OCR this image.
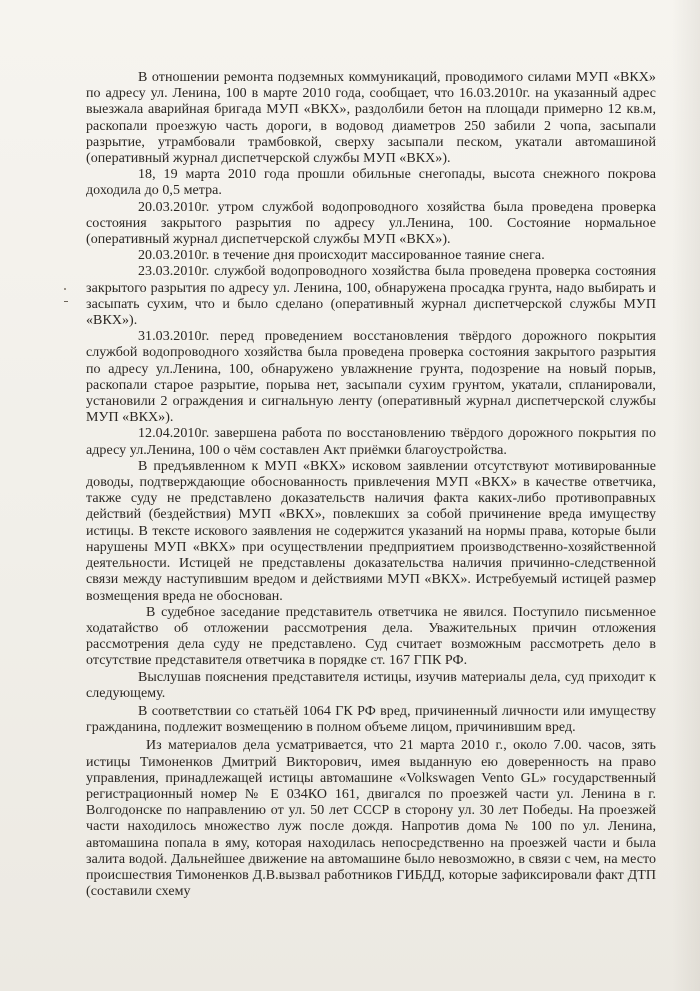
В отношении ремонта подземных коммуникаций, проводимого силами МУП «ВКХ» по адресу ул. Ленина, 100 в марте 2010 года, сообщает, что 16.03.2010г. на указанный адрес выезжала аварийная бригада МУП «ВКХ», раздолбили бетон на площади примерно 12 кв.м, раскопали проезжую часть дороги, в водовод диаметров 250 забили 2 чопа, засыпали разрытие, утрамбовали трамбовкой, сверху засыпали песком, укатали автомашиной (оперативный журнал диспетчерской службы МУП «ВКХ»).

18, 19 марта 2010 года прошли обильные снегопады, высота снежного покрова доходила до 0,5 метра.

20.03.2010г. утром службой водопроводного хозяйства была проведена проверка состояния закрытого разрытия по адресу ул.Ленина, 100. Состояние нормальное (оперативный журнал диспетчерской службы МУП «ВКХ»).

20.03.2010г. в течение дня происходит массированное таяние снега.

23.03.2010г. службой водопроводного хозяйства была проведена проверка состояния закрытого разрытия по адресу ул. Ленина, 100, обнаружена просадка грунта, надо выбирать и засыпать сухим, что и было сделано (оперативный журнал диспетчерской службы МУП «ВКХ»).

31.03.2010г. перед проведением восстановления твёрдого дорожного покрытия службой водопроводного хозяйства была проведена проверка состояния закрытого разрытия по адресу ул.Ленина, 100, обнаружено увлажнение грунта, подозрение на новый порыв, раскопали старое разрытие, порыва нет, засыпали сухим грунтом, укатали, спланировали, установили 2 ограждения и сигнальную ленту (оперативный журнал диспетчерской службы МУП «ВКХ»).

12.04.2010г. завершена работа по восстановлению твёрдого дорожного покрытия по адресу ул.Ленина, 100 о чём составлен Акт приёмки благоустройства.

В предъявленном к МУП «ВКХ» исковом заявлении отсутствуют мотивированные доводы, подтверждающие обоснованность привлечения МУП «ВКХ» в качестве ответчика, также суду не представлено доказательств наличия факта каких-либо противоправных действий (бездействия) МУП «ВКХ», повлекших за собой причинение вреда имуществу истицы. В тексте искового заявления не содержится указаний на нормы права, которые были нарушены МУП «ВКХ» при осуществлении предприятием производственно-хозяйственной деятельности. Истицей не представлены доказательства наличия причинно-следственной связи между наступившим вредом и действиями МУП «ВКХ». Истребуемый истицей размер возмещения вреда не обоснован.

В судебное заседание представитель ответчика не явился. Поступило письменное ходатайство об отложении рассмотрения дела. Уважительных причин отложения рассмотрения дела суду не представлено. Суд считает возможным рассмотреть дело в отсутствие представителя ответчика в порядке ст. 167 ГПК РФ.

Выслушав пояснения представителя истицы, изучив материалы дела, суд приходит к следующему.

В соответствии со статьёй 1064 ГК РФ вред, причиненный личности или имуществу гражданина, подлежит возмещению в полном объеме лицом, причинившим вред.

Из материалов дела усматривается, что 21 марта 2010 г., около 7.00. часов, зять истицы Тимоненков Дмитрий Викторович, имея выданную ею доверенность на право управления, принадлежащей истицы автомашине «Volkswagen Vento GL» государственный регистрационный номер № Е 034КО 161, двигался по проезжей части ул. Ленина в г. Волгодонске по направлению от ул. 50 лет СССР в сторону ул. 30 лет Победы. На проезжей части находилось множество луж после дождя. Напротив дома № 100 по ул. Ленина, автомашина попала в яму, которая находилась непосредственно на проезжей части и была залита водой. Дальнейшее движение на автомашине было невозможно, в связи с чем, на место происшествия Тимоненков Д.В.вызвал работников ГИБДД, которые зафиксировали факт ДТП (составили схему
